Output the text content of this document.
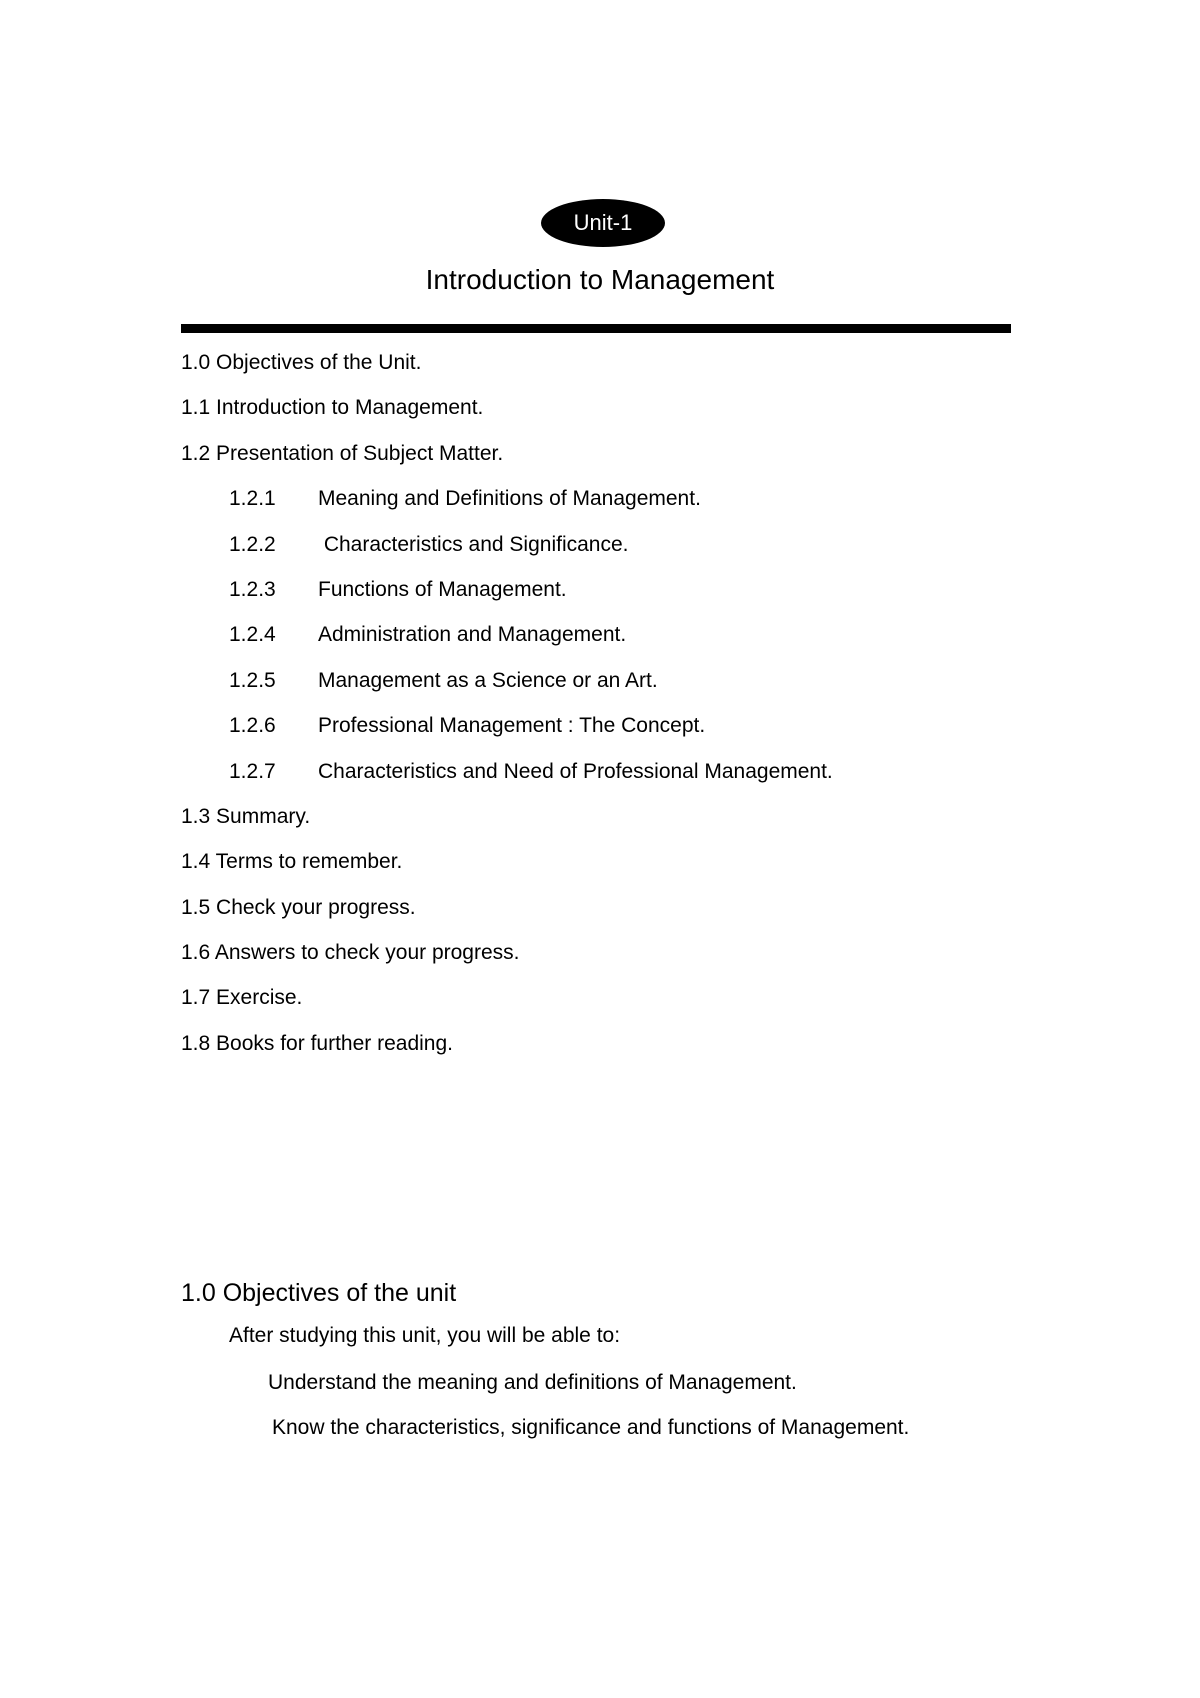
Unit-1
Introduction to Management
1.0 Objectives of the Unit.
1.1 Introduction to Management.
1.2 Presentation of Subject Matter.
1.2.1 Meaning and Definitions of Management.
1.2.2 Characteristics and Significance.
1.2.3 Functions of Management.
1.2.4 Administration and Management.
1.2.5 Management as a Science or an Art.
1.2.6 Professional Management : The Concept.
1.2.7 Characteristics and Need of Professional Management.
1.3 Summary.
1.4 Terms to remember.
1.5 Check your progress.
1.6 Answers to check your progress.
1.7 Exercise.
1.8 Books for further reading.
1.0 Objectives of the unit
After studying this unit, you will be able to:
Understand the meaning and definitions of Management.
Know the characteristics, significance and functions of Management.
